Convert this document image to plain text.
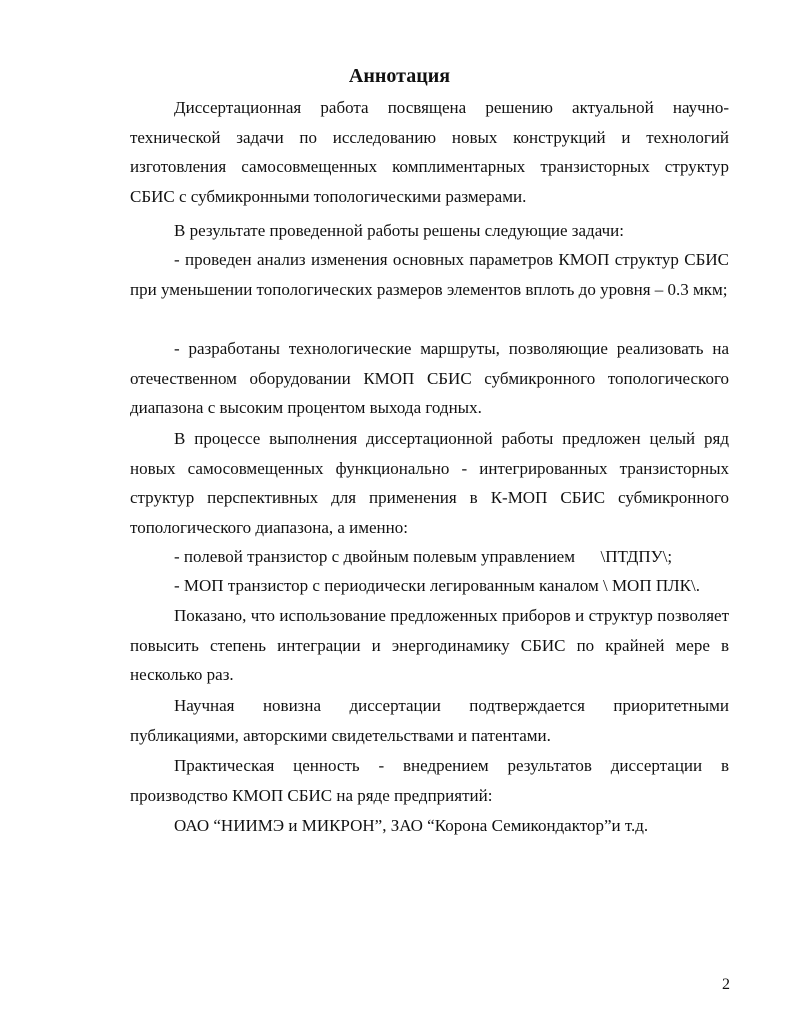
Аннотация

Диссертационная работа посвящена решению актуальной научно-технической задачи по исследованию новых конструкций и технологий изготовления самосовмещенных комплиментарных транзисторных структур СБИС с субмикронными топологическими размерами.

В результате проведенной работы решены следующие задачи:

- проведен анализ изменения основных параметров КМОП структур СБИС при уменьшении топологических размеров элементов вплоть до уровня – 0.3 мкм;

- разработаны технологические маршруты, позволяющие реализовать на отечественном оборудовании КМОП СБИС субмикронного топологического диапазона с высоким процентом выхода годных.

В процессе выполнения диссертационной работы предложен целый ряд новых самосовмещенных функционально - интегрированных транзисторных структур перспективных для применения в К-МОП СБИС субмикронного топологического диапазона, а именно:

- полевой транзистор с двойным полевым управлением      \ПТДПУ\;

- МОП транзистор с периодически легированным каналом \ МОП ПЛК\.

Показано, что использование предложенных приборов и структур позволяет повысить степень интеграции и энергодинамику СБИС по крайней мере в несколько раз.

Научная новизна диссертации подтверждается приоритетными публикациями, авторскими свидетельствами и патентами.

Практическая ценность - внедрением результатов диссертации в производство КМОП СБИС на ряде предприятий:

ОАО “НИИМЭ и МИКРОН”, ЗАО “Корона Семикондактор”и т.д.

2
